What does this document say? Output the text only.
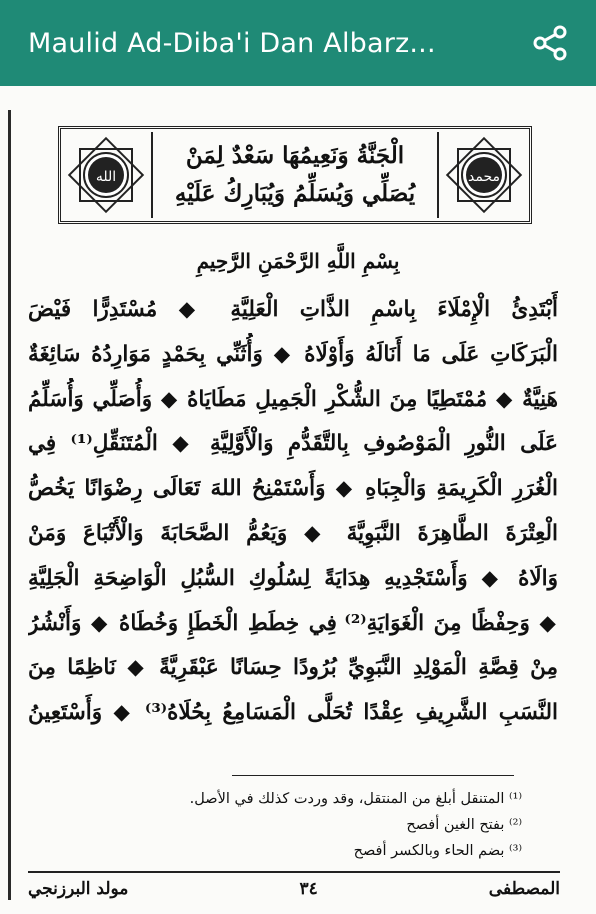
Maulid Ad-Diba'i Dan Albarz...
الله
الْجَنَّةُ وَنَعِيمُهَا سَعْدٌ لِمَنْ
يُصَلِّي وَيُسَلِّمُ وَيُبَارِكُ عَلَيْهِ
محمد
بِسْمِ اللَّهِ الرَّحْمَنِ الرَّحِيمِ
أَبْتَدِئُ الْإِمْلَاءَ بِاسْمِ الذَّاتِ الْعَلِيَّةِ ◆ مُسْتَدِرًّا فَيْضَ
الْبَرَكَاتِ عَلَى مَا أَنَالَهُ وَأَوْلَاهُ ◆ وَأُثَنِّي بِحَمْدٍ مَوَارِدُهُ سَائِغَةٌ
هَنِيَّةٌ ◆ مُمْتَطِيًا مِنَ الشُّكْرِ الْجَمِيلِ مَطَايَاهُ ◆ وَأُصَلِّي وَأُسَلِّمُ
عَلَى النُّورِ الْمَوْصُوفِ بِالتَّقَدُّمِ وَالْأَوَّلِيَّةِ ◆ الْمُتَنَقِّلِ⁽¹⁾ فِي
الْغُرَرِ الْكَرِيمَةِ وَالْجِبَاهِ ◆ وَأَسْتَمْنِحُ اللهَ تَعَالَى رِضْوَانًا يَخُصُّ
الْعِتْرَةَ الطَّاهِرَةَ النَّبَوِيَّةَ ◆ وَيَعُمُّ الصَّحَابَةَ وَالْأَتْبَاعَ وَمَنْ
وَالَاهُ ◆ وَأَسْتَجْدِيهِ هِدَايَةً لِسُلُوكِ السُّبُلِ الْوَاضِحَةِ الْجَلِيَّةِ
◆ وَحِفْظًا مِنَ الْغَوَايَةِ⁽²⁾ فِي خِطَطِ الْخَطَإِ وَخُطَاهُ ◆ وَأَنْشُرُ
مِنْ قِصَّةِ الْمَوْلِدِ النَّبَوِيِّ بُرُودًا حِسَانًا عَبْقَرِيَّةً ◆ نَاظِمًا مِنَ
النَّسَبِ الشَّرِيفِ عِقْدًا تُحَلَّى الْمَسَامِعُ بِحُلَاهُ⁽³⁾ ◆ وَأَسْتَعِينُ
⁽¹⁾ المتنقل أبلغ من المنتقل، وقد وردت كذلك في الأصل.
⁽²⁾ بفتح الغين أفصح
⁽³⁾ بضم الحاء وبالكسر أفصح
مولد البرزنجي	٣٤	المصطفى
